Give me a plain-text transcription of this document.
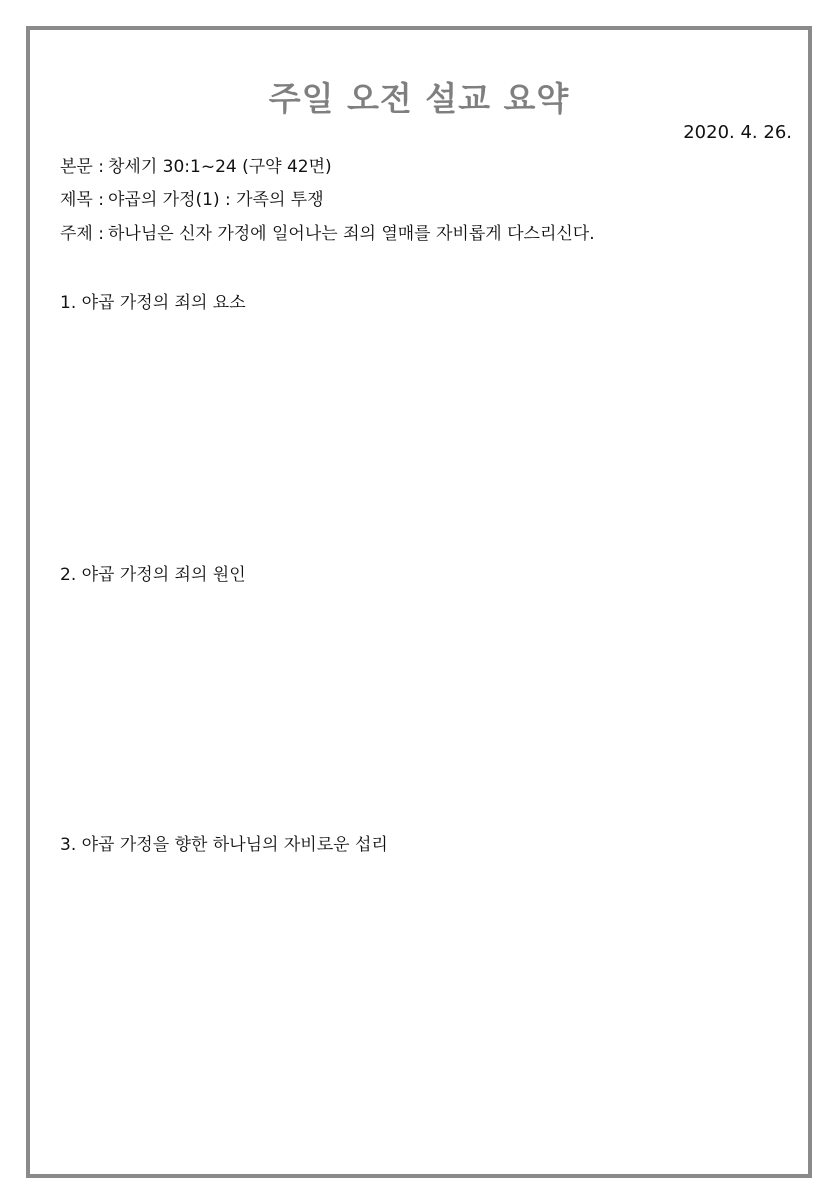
주일 오전 설교 요약
2020. 4. 26.
본문 : 창세기 30:1~24 (구약 42면)
제목 : 야곱의 가정(1) : 가족의 투쟁
주제 : 하나님은 신자 가정에 일어나는 죄의 열매를 자비롭게 다스리신다.
1. 야곱 가정의 죄의 요소
2. 야곱 가정의 죄의 원인
3. 야곱 가정을 향한 하나님의 자비로운 섭리
